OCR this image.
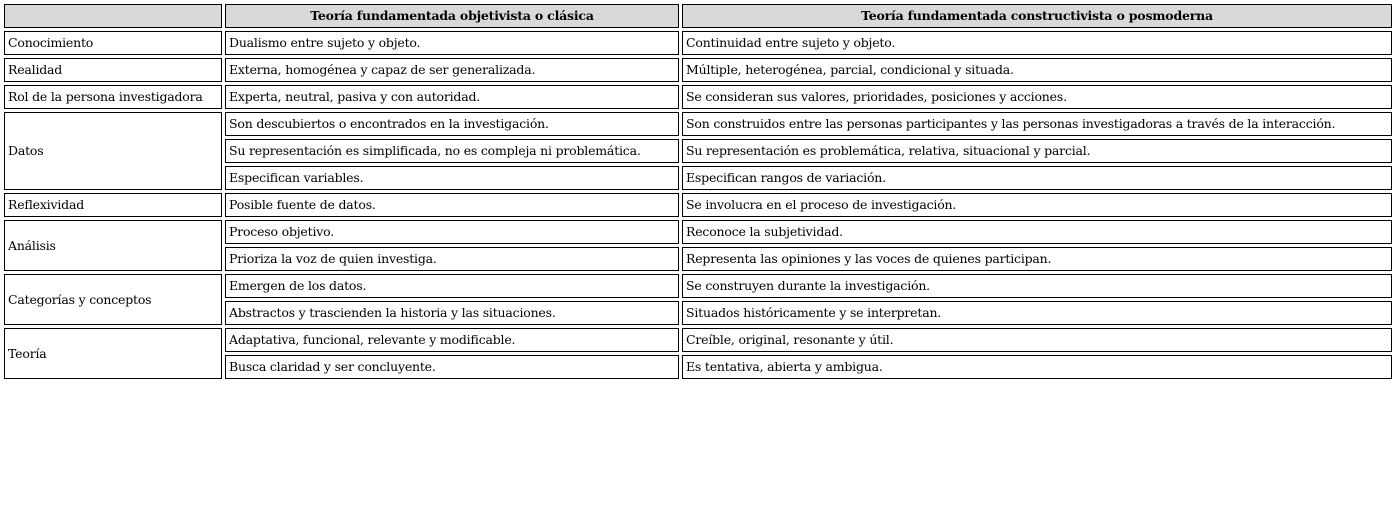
	Teoría fundamentada objetivista o clásica	Teoría fundamentada constructivista o posmoderna
Conocimiento	Dualismo entre sujeto y objeto.	Continuidad entre sujeto y objeto.
Realidad	Externa, homogénea y capaz de ser generalizada.	Múltiple, heterogénea, parcial, condicional y situada.
Rol de la persona investigadora	Experta, neutral, pasiva y con autoridad.	Se consideran sus valores, prioridades, posiciones y acciones.
Datos	Son descubiertos o encontrados en la investigación.	Son construidos entre las personas participantes y las personas investigadoras a través de la interacción.
	Su representación es simplificada, no es compleja ni problemática.	Su representación es problemática, relativa, situacional y parcial.
	Especifican variables.	Especifican rangos de variación.
Reflexividad	Posible fuente de datos.	Se involucra en el proceso de investigación.
Análisis	Proceso objetivo.	Reconoce la subjetividad.
	Prioriza la voz de quien investiga.	Representa las opiniones y las voces de quienes participan.
Categorías y conceptos	Emergen de los datos.	Se construyen durante la investigación.
	Abstractos y trascienden la historia y las situaciones.	Situados históricamente y se interpretan.
Teoría	Adaptativa, funcional, relevante y modificable.	Creíble, original, resonante y útil.
	Busca claridad y ser concluyente.	Es tentativa, abierta y ambigua.
